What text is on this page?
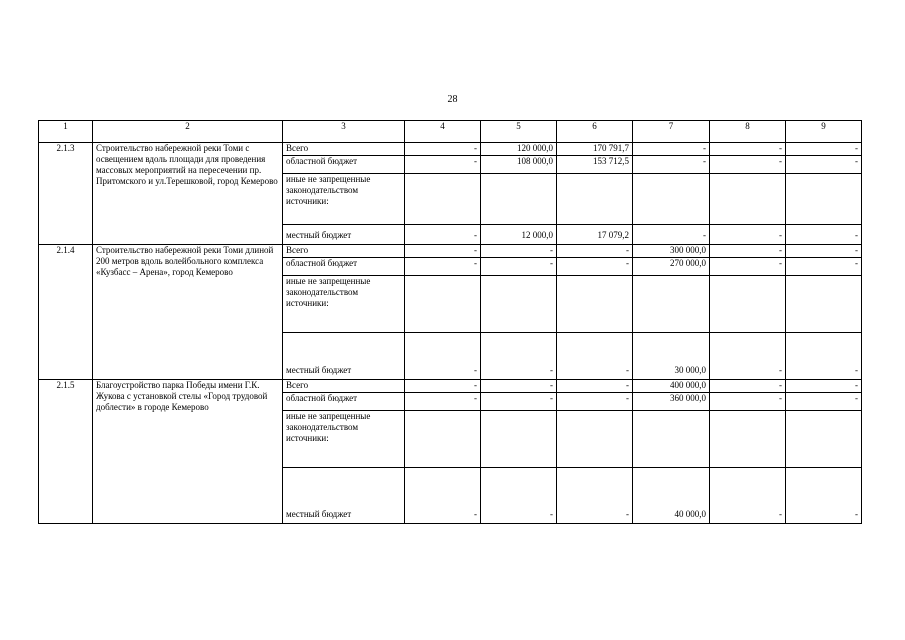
28
1	2	3	4	5	6	7	8	9
2.1.3	Строительство набережной реки Томи с освещением вдоль площади для проведения массовых мероприятий на пересечении пр. Притомского и ул.Терешковой, город Кемерово	Всего	-	120 000,0	170 791,7	-	-	-
		областной бюджет	-	108 000,0	153 712,5	-	-	-
		иные не запрещенные законодательством источники:						
		местный бюджет	-	12 000,0	17 079,2	-	-	-
2.1.4	Строительство набережной реки Томи длиной 200 метров вдоль волейбольного комплекса «Кузбасс – Арена», город Кемерово	Всего	-	-	-	300 000,0	-	-
		областной бюджет	-	-	-	270 000,0	-	-
		иные не запрещенные законодательством источники:						
		местный бюджет	-	-	-	30 000,0	-	-
2.1.5	Благоустройство парка Победы имени Г.К. Жукова с установкой стелы «Город трудовой доблести» в городе Кемерово	Всего	-	-	-	400 000,0	-	-
		областной бюджет	-	-	-	360 000,0	-	-
		иные не запрещенные законодательством источники:						
		местный бюджет	-	-	-	40 000,0	-	-
